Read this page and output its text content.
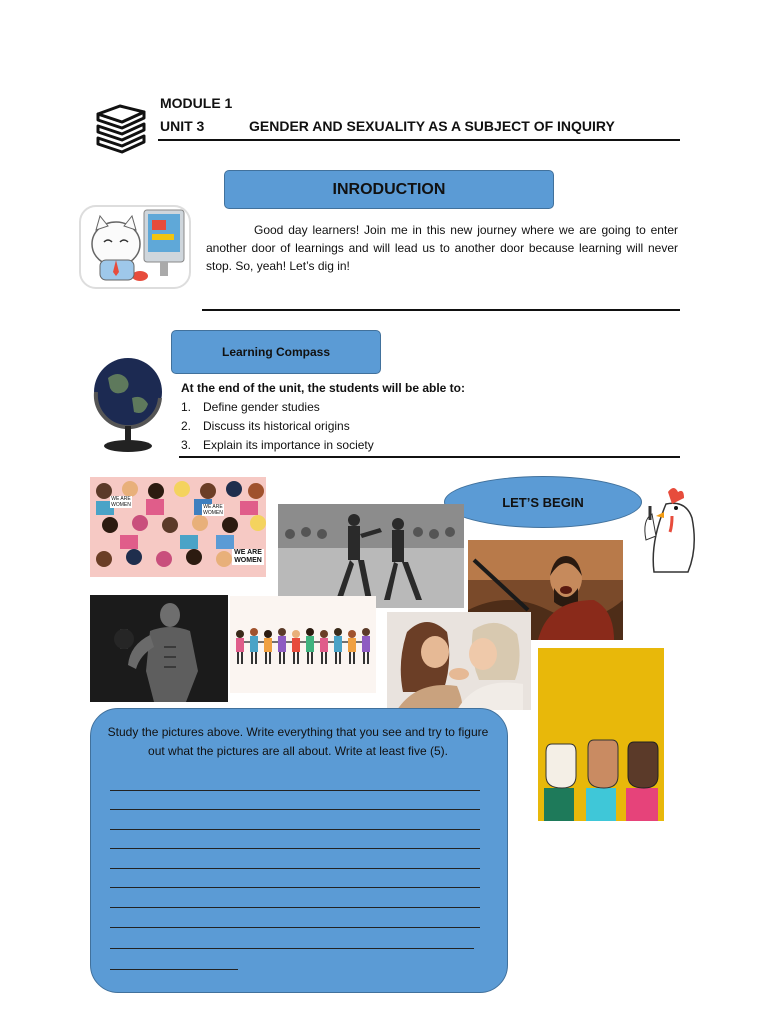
MODULE 1
UNIT 3	GENDER AND SEXUALITY AS A SUBJECT OF INQUIRY
INRODUCTION
Good day learners! Join me in this new journey where we are going to enter another door of learnings and will lead us to another door because learning will never stop. So, yeah! Let’s dig in!
Learning Compass
At the end of the unit, the students will be able to:
1. Define gender studies
2. Discuss its historical origins
3. Explain its importance in society
LET’S BEGIN
WE ARE WOMEN	WE ARE WOMEN
WE ARE WOMEN
Study the pictures above. Write everything that you see and try to figure out what the pictures are all about. Write at least five (5).
